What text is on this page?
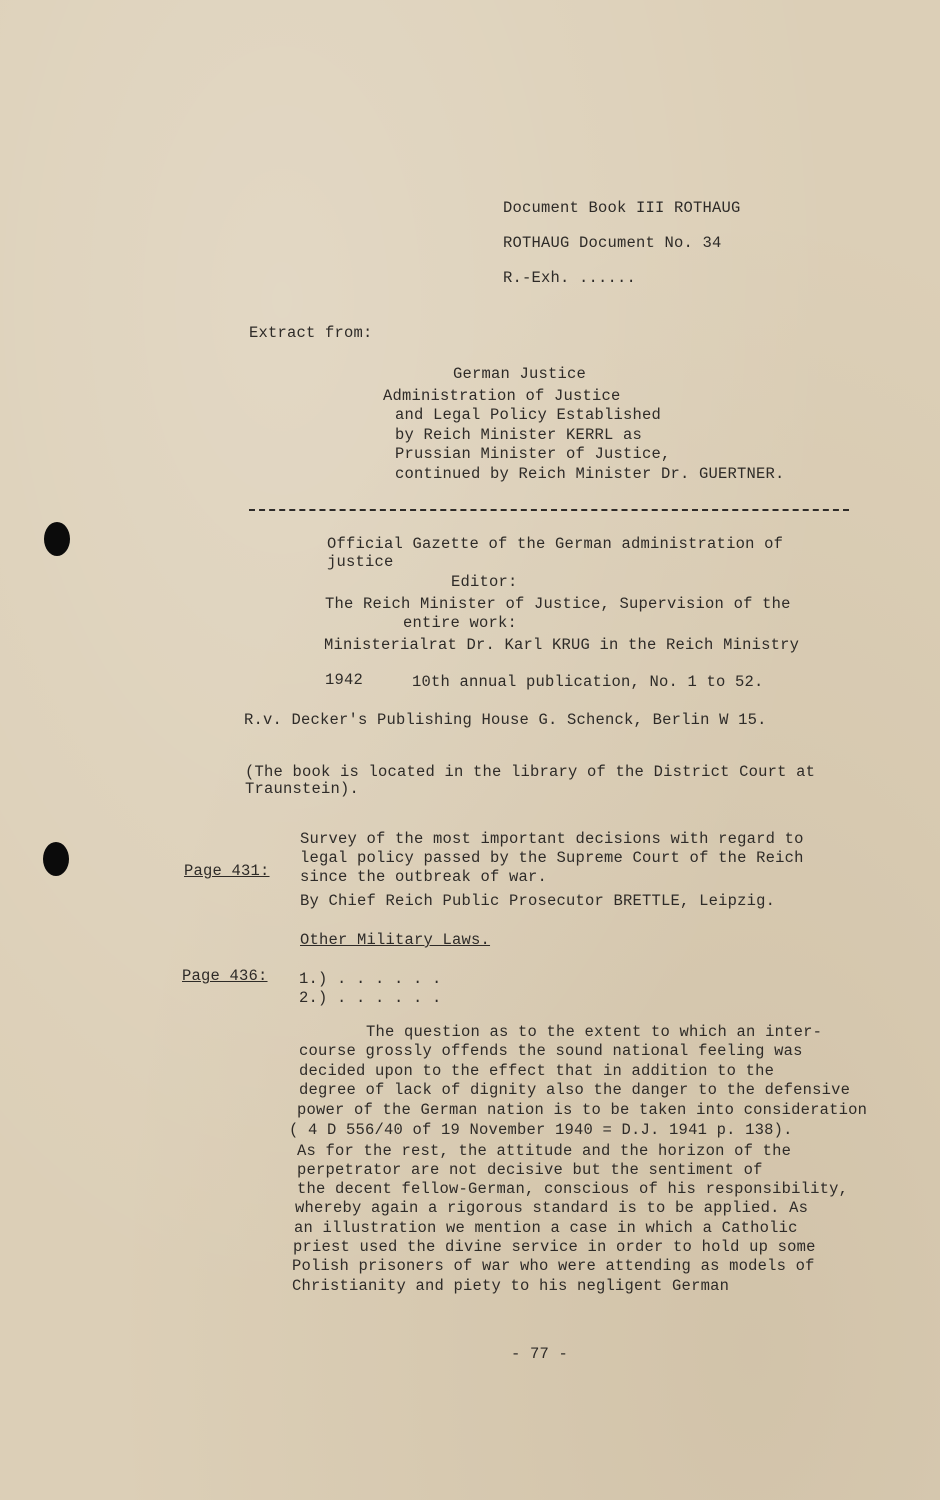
Document Book III ROTHAUG
ROTHAUG Document No. 34
R.-Exh. ......
Extract from:
German Justice
Administration of Justice
and Legal Policy Established
by Reich Minister KERRL as
Prussian Minister of Justice,
continued by Reich Minister Dr. GUERTNER.
Official Gazette of the German administration of
justice
Editor:
The Reich Minister of Justice, Supervision of the
entire work:
Ministerialrat Dr. Karl KRUG in the Reich Ministry
1942	10th annual publication, No. 1 to 52.
R.v. Decker's Publishing House G. Schenck, Berlin W 15.
(The book is located in the library of the District Court at
Traunstein).
Page 431:
Survey of the most important decisions with regard to
legal policy passed by the Supreme Court of the Reich
since the outbreak of war.
By Chief Reich Public Prosecutor BRETTLE, Leipzig.
Other Military Laws.
Page 436: 1.) . . . . . .
2.) . . . . . .
The question as to the extent to which an inter-
course grossly offends the sound national feeling was
decided upon to the effect that in addition to the
degree of lack of dignity also the danger to the defensive
power of the German nation is to be taken into consideration
( 4 D 556/40 of 19 November 1940 = D.J. 1941 p. 138).
As for the rest, the attitude and the horizon of the
perpetrator are not decisive but the sentiment of
the decent fellow-German, conscious of his responsibility,
whereby again a rigorous standard is to be applied. As
an illustration we mention a case in which a Catholic
priest used the divine service in order to hold up some
Polish prisoners of war who were attending as models of
Christianity and piety to his negligent German
- 77 -
